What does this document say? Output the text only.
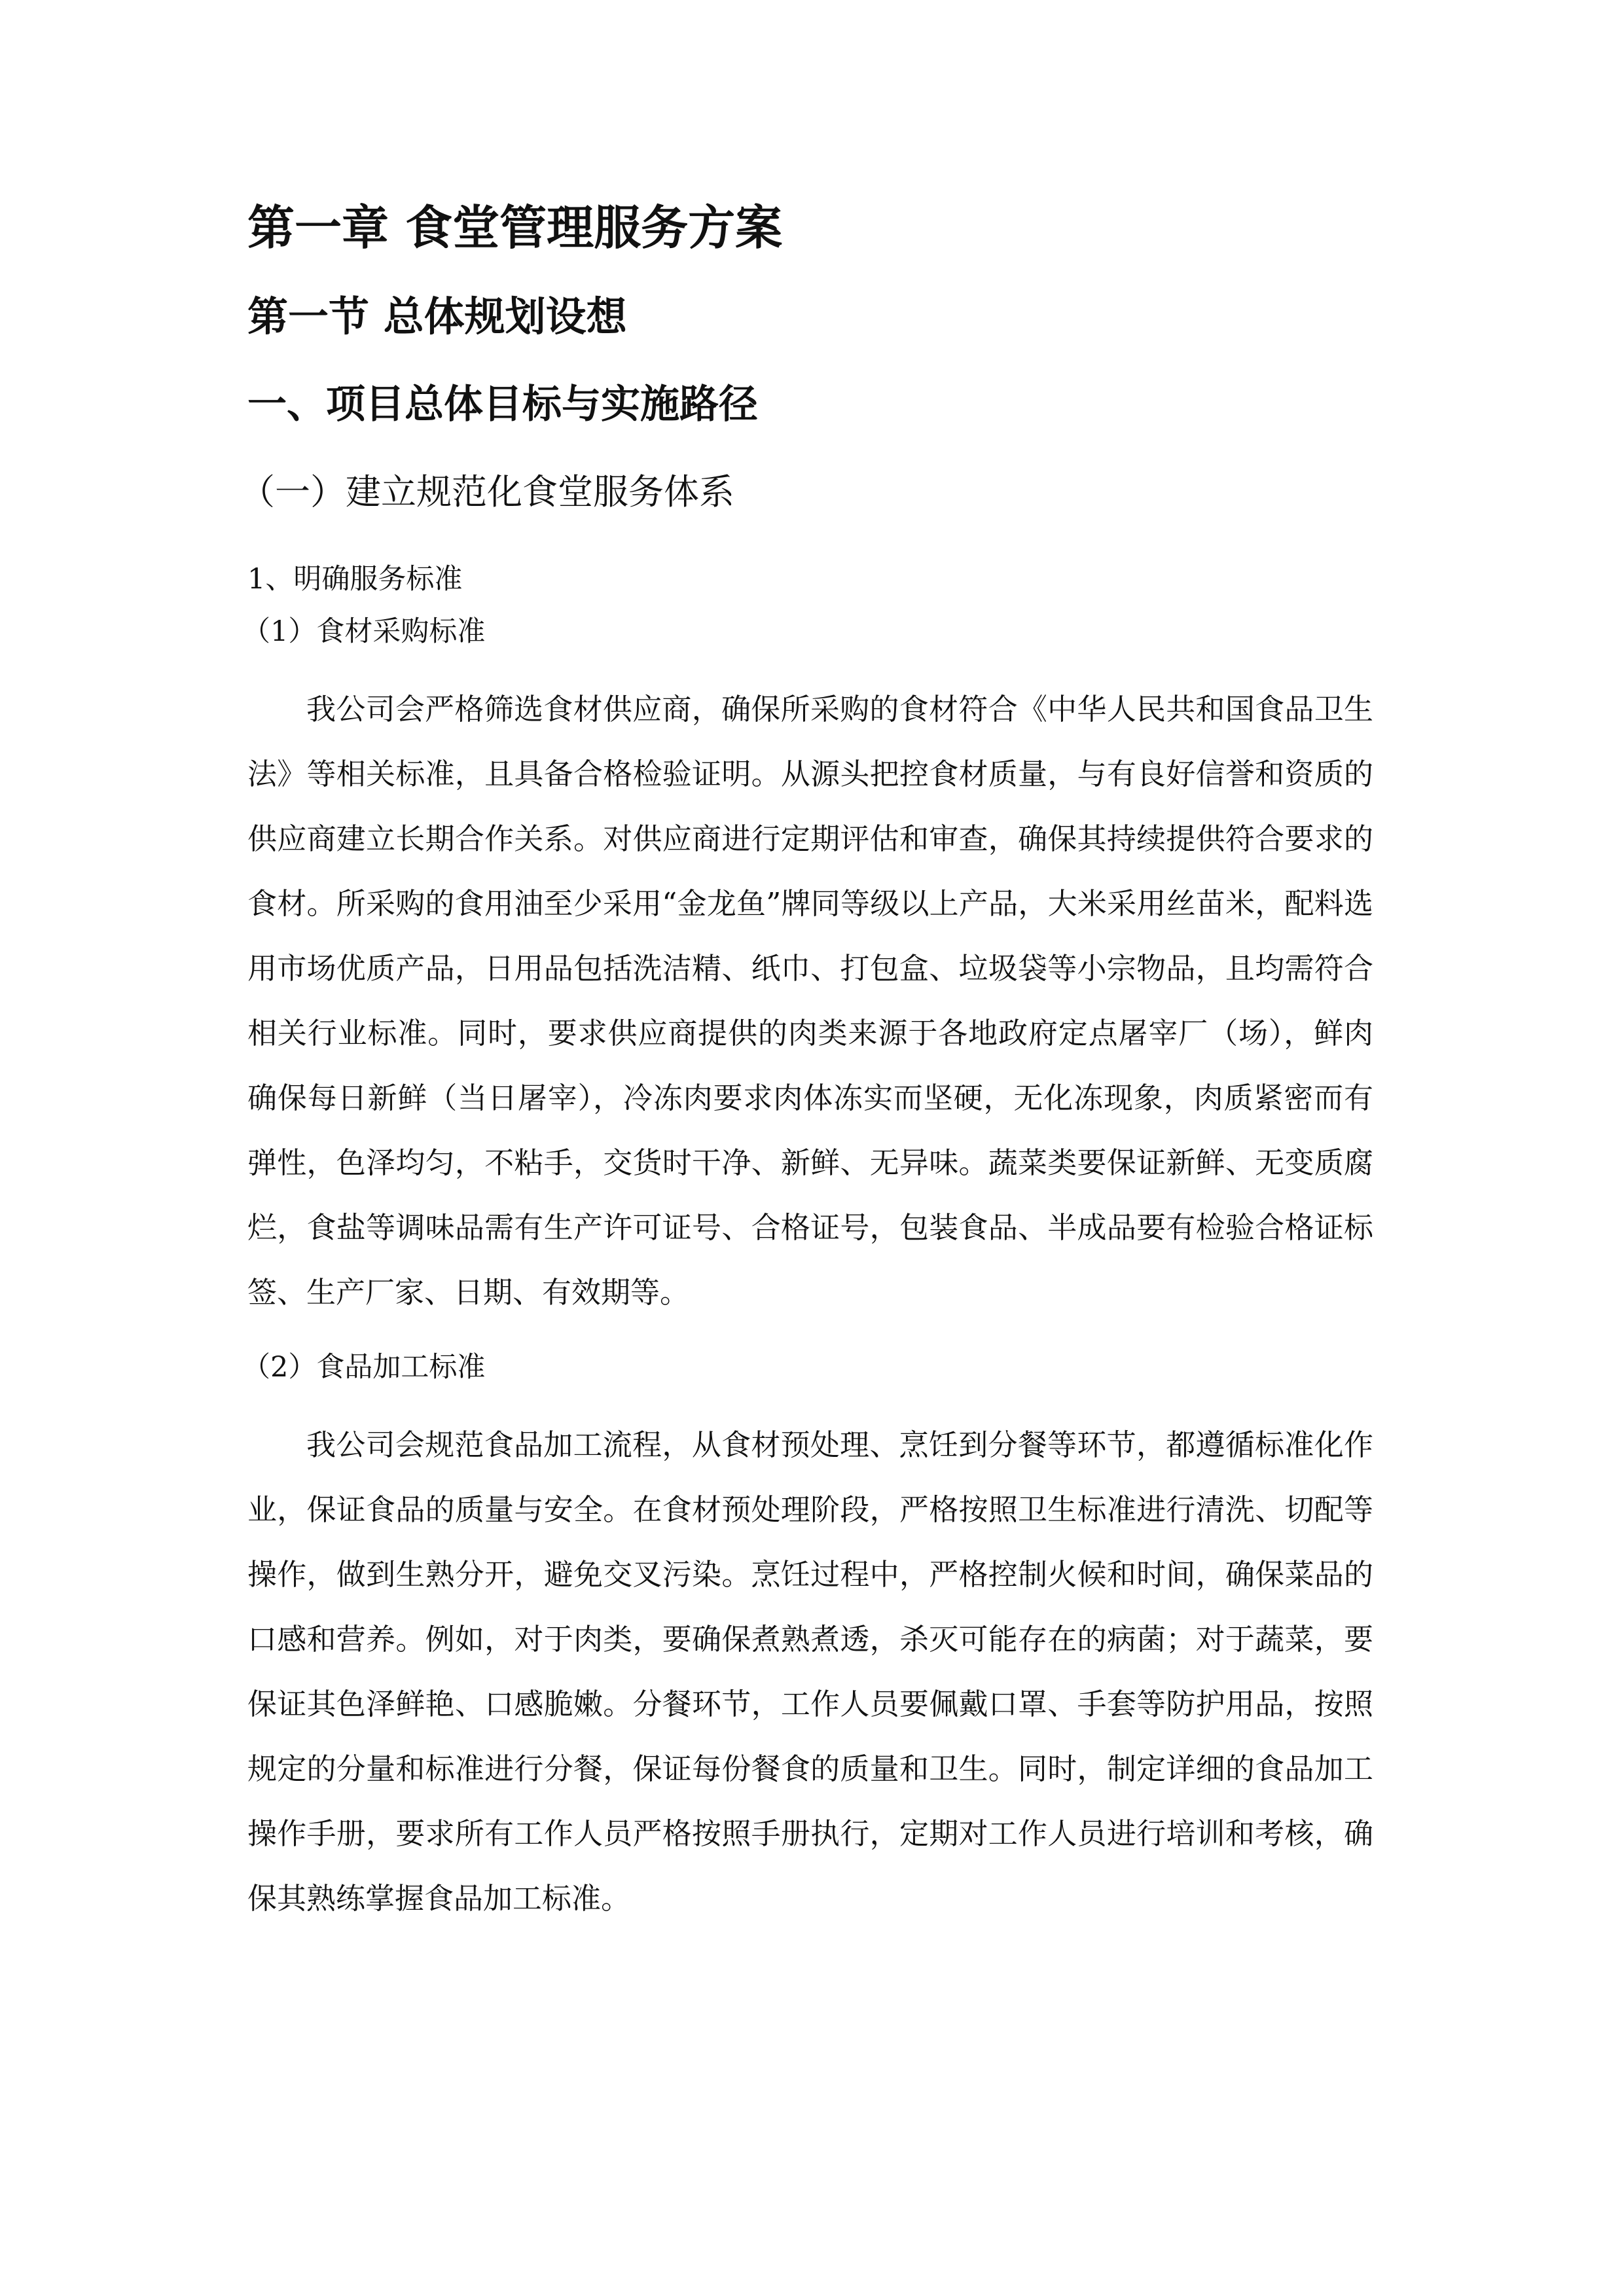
第一章 食堂管理服务方案
第一节 总体规划设想
一、项目总体目标与实施路径
（一）建立规范化食堂服务体系
1、明确服务标准
（1）食材采购标准

我公司会严格筛选食材供应商，确保所采购的食材符合《中华人民共和国食品卫生法》等相关标准，且具备合格检验证明。从源头把控食材质量，与有良好信誉和资质的供应商建立长期合作关系。对供应商进行定期评估和审查，确保其持续提供符合要求的食材。所采购的食用油至少采用“金龙鱼”牌同等级以上产品，大米采用丝苗米，配料选用市场优质产品，日用品包括洗洁精、纸巾、打包盒、垃圾袋等小宗物品，且均需符合相关行业标准。同时，要求供应商提供的肉类来源于各地政府定点屠宰厂（场），鲜肉确保每日新鲜（当日屠宰），冷冻肉要求肉体冻实而坚硬，无化冻现象，肉质紧密而有弹性，色泽均匀，不粘手，交货时干净、新鲜、无异味。蔬菜类要保证新鲜、无变质腐烂，食盐等调味品需有生产许可证号、合格证号，包装食品、半成品要有检验合格证标签、生产厂家、日期、有效期等。

（2）食品加工标准

我公司会规范食品加工流程，从食材预处理、烹饪到分餐等环节，都遵循标准化作业，保证食品的质量与安全。在食材预处理阶段，严格按照卫生标准进行清洗、切配等操作，做到生熟分开，避免交叉污染。烹饪过程中，严格控制火候和时间，确保菜品的口感和营养。例如，对于肉类，要确保煮熟煮透，杀灭可能存在的病菌；对于蔬菜，要保证其色泽鲜艳、口感脆嫩。分餐环节，工作人员要佩戴口罩、手套等防护用品，按照规定的分量和标准进行分餐，保证每份餐食的质量和卫生。同时，制定详细的食品加工操作手册，要求所有工作人员严格按照手册执行，定期对工作人员进行培训和考核，确保其熟练掌握食品加工标准。
